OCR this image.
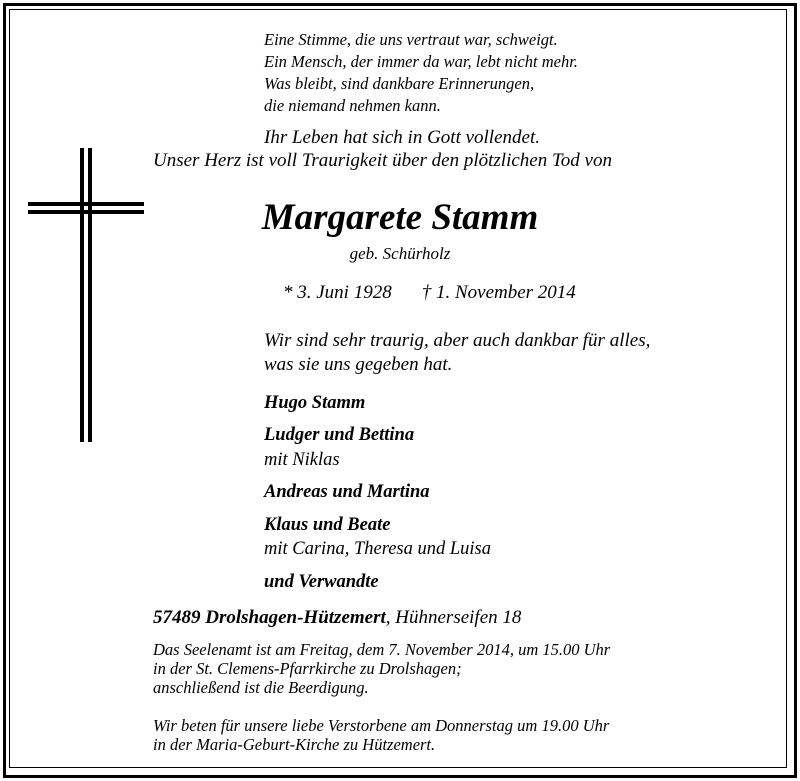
Eine Stimme, die uns vertraut war, schweigt.
Ein Mensch, der immer da war, lebt nicht mehr.
Was bleibt, sind dankbare Erinnerungen,
die niemand nehmen kann.
Ihr Leben hat sich in Gott vollendet.
Unser Herz ist voll Traurigkeit über den plötzlichen Tod von
Margarete Stamm
geb. Schürholz
* 3. Juni 1928 † 1. November 2014
Wir sind sehr traurig, aber auch dankbar für alles,
was sie uns gegeben hat.
Hugo Stamm
Ludger und Bettina
mit Niklas
Andreas und Martina
Klaus und Beate
mit Carina, Theresa und Luisa
und Verwandte
57489 Drolshagen-Hützemert, Hühnerseifen 18
Das Seelenamt ist am Freitag, dem 7. November 2014, um 15.00 Uhr
in der St. Clemens-Pfarrkirche zu Drolshagen;
anschließend ist die Beerdigung.
Wir beten für unsere liebe Verstorbene am Donnerstag um 19.00 Uhr
in der Maria-Geburt-Kirche zu Hützemert.
